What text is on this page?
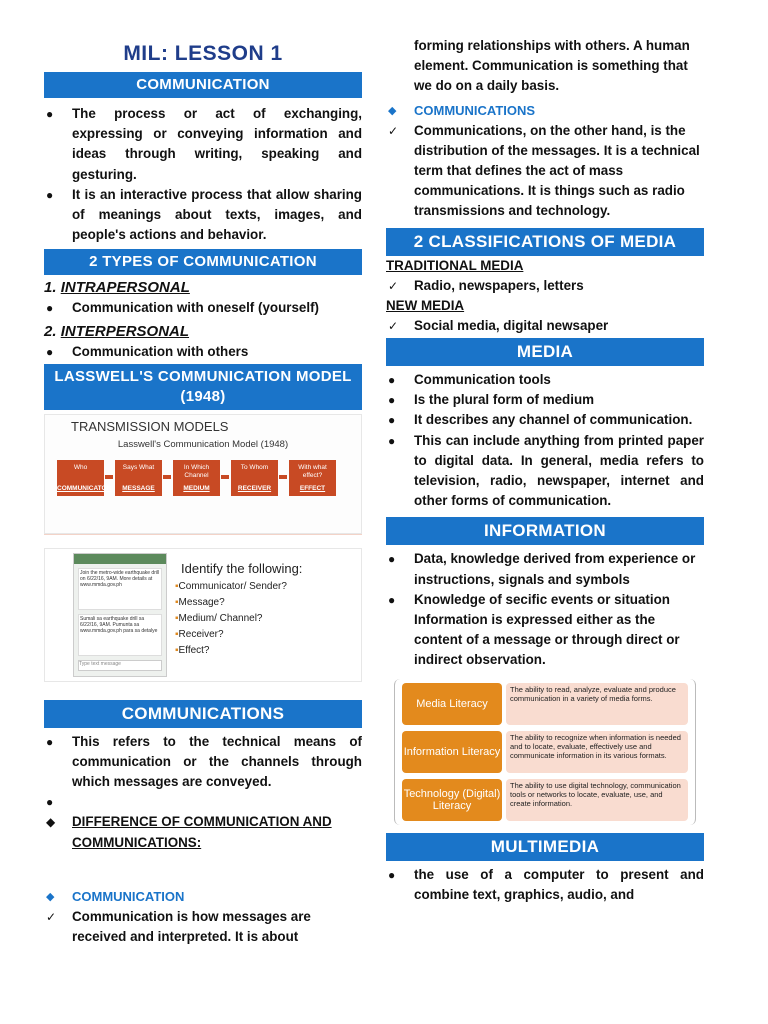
MIL: LESSON 1
COMMUNICATION
● The process or act of exchanging, expressing or conveying information and ideas through writing, speaking and gesturing.
● It is an interactive process that allow sharing of meanings about texts, images, and people's actions and behavior.
2 TYPES OF COMMUNICATION
1. INTRAPERSONAL
● Communication with oneself (yourself)
2. INTERPERSONAL
● Communication with others
LASSWELL'S COMMUNICATION MODEL (1948)
TRANSMISSION MODELS
Lasswell's Communication Model (1948)
Who
COMMUNICATOR
Says What
MESSAGE
In Which Channel
MEDIUM
To Whom
RECEIVER
With what effect?
EFFECT
Join the metro-wide earthquake drill on 6/22/16, 9AM. More details at www.mmda.gov.ph
Sumali sa earthquake drill sa 6/22/16, 9AM. Pumunta sa www.mmda.gov.ph para sa detalye
Type text message
Identify the following:
▪Communicator/ Sender?
▪Message?
▪Medium/ Channel?
▪Receiver?
▪Effect?
COMMUNICATIONS
● This refers to the technical means of communication or the channels through which messages are conveyed.
●
◆ DIFFERENCE OF COMMUNICATION AND COMMUNICATIONS:
◆ COMMUNICATION
✓ Communication is how messages are received and interpreted. It is about

forming relationships with others. A human element. Communication is something that we do on a daily basis.

◆ COMMUNICATIONS
✓ Communications, on the other hand, is the distribution of the messages. It is a technical term that defines the act of mass communications. It is things such as radio transmissions and technology.
2 CLASSIFICATIONS OF MEDIA
TRADITIONAL MEDIA
✓ Radio, newspapers, letters
NEW MEDIA
✓ Social media, digital newsaper
MEDIA
● Communication tools
● Is the plural form of medium
● It describes any channel of communication.
● This can include anything from printed paper to digital data. In general, media refers to television, radio, newspaper, internet and other forms of communication.
INFORMATION
● Data, knowledge derived from experience or instructions, signals and symbols
● Knowledge of secific events or situation

Information is expressed either as the content of a message or through direct or indirect observation.

Media Literacy
The ability to read, analyze, evaluate and produce communication in a variety of media forms.
Information Literacy
The ability to recognize when information is needed and to locate, evaluate, effectively use and communicate information in its various formats.
Technology (Digital) Literacy
The ability to use digital technology, communication tools or networks to locate, evaluate, use, and create information.
MULTIMEDIA
● the use of a computer to present and combine text, graphics, audio, and
